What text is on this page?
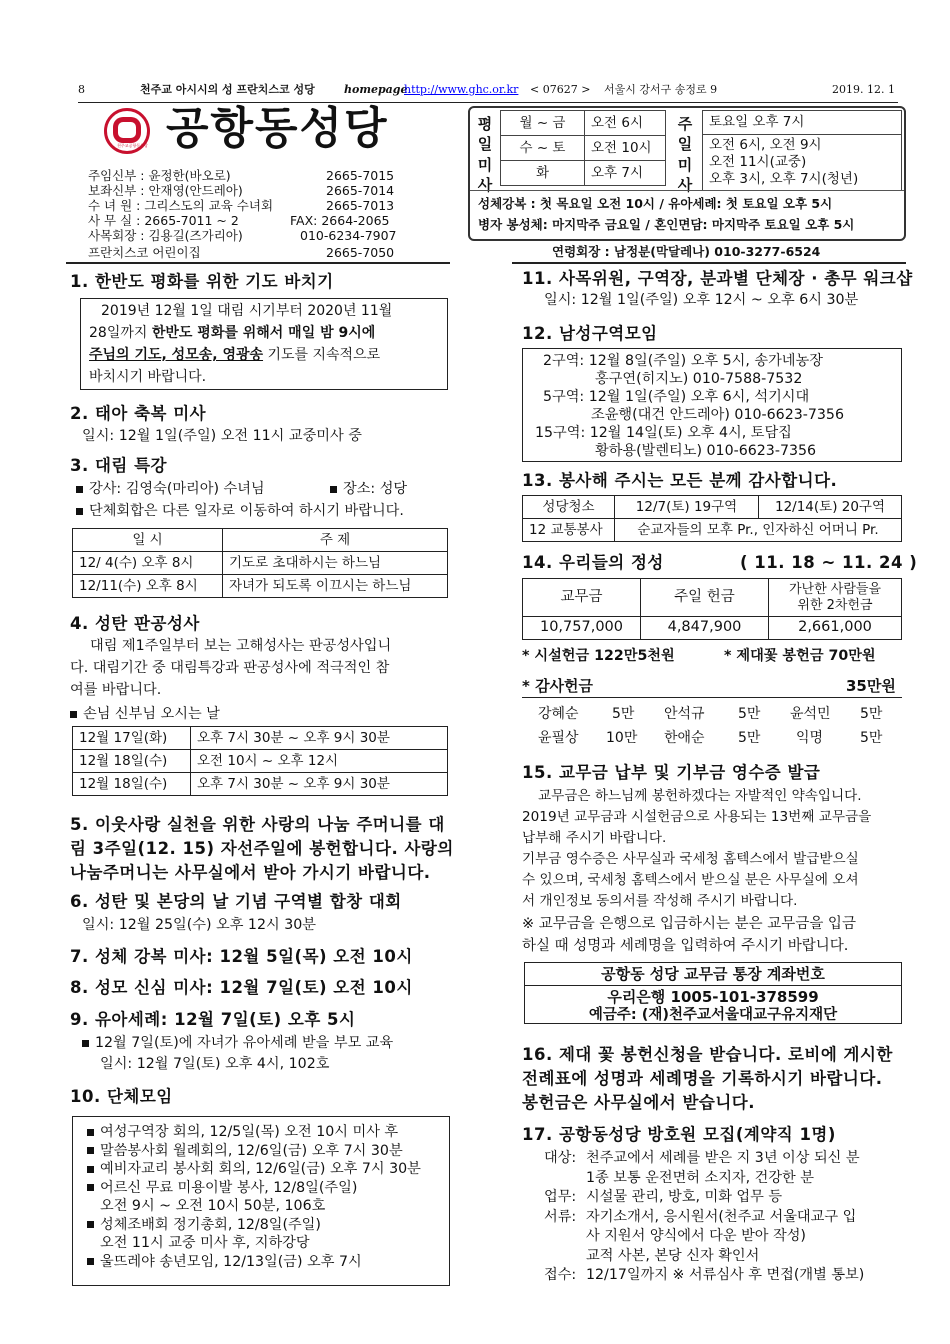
8	천주교 아시시의 성 프란치스코 성당	homepage
http://www.ghc.or.kr < 07627 > 서울시 강서구 송정로 9	2019. 12. 1
천주교공항동성당 공항동성당
주임신부 : 윤정한(바오로)	2665-7015
보좌신부 : 안재영(안드레아)	2665-7014
수 녀 원 : 그리스도의 교육 수녀회	2665-7013
사 무 실 : 2665-7011 ~ 2	FAX: 2664-2065
사목회장 : 김용길(즈가리아)	010-6234-7907
프란치스코 어린이집	2665-7050
평
일
미
사
월 ~ 금	오전 6시
수 ~ 토	오전 10시
화	오후 7시
주
일
미
사
토요일 오후 7시

오전 6시, 오전 9시
오전 11시(교중)
오후 3시, 오후 7시(청년)
성체강복 : 첫 목요일 오전 10시 / 유아세례: 첫 토요일 오후 5시
병자 봉성체: 마지막주 금요일 / 혼인면담: 마지막주 토요일 오후 5시
연령회장 : 남정분(막달레나) 010-3277-6524
1. 한반도 평화를 위한 기도 바치기
2019년 12월 1일 대림 시기부터 2020년 11월
28일까지 한반도 평화를 위해서 매일 밤 9시에
주님의 기도, 성모송, 영광송 기도를 지속적으로
바치시기 바랍니다.
2. 태아 축복 미사
일시: 12월 1일(주일) 오전 11시 교중미사 중
3. 대림 특강
강사: 김영숙(마리아) 수녀님	장소: 성당
단체회합은 다른 일자로 이동하여 하시기 바랍니다.
일 시	주 제
12/ 4(수) 오후 8시	기도로 초대하시는 하느님
12/11(수) 오후 8시	자녀가 되도록 이끄시는 하느님
4. 성탄 판공성사
대림 제1주일부터 보는 고해성사는 판공성사입니
다. 대림기간 중 대림특강과 판공성사에 적극적인 참
여를 바랍니다.
손님 신부님 오시는 날
12월 17일(화)	오후 7시 30분 ~ 오후 9시 30분
12월 18일(수)	오전 10시 ~ 오후 12시
12월 18일(수)	오후 7시 30분 ~ 오후 9시 30분
5. 이웃사랑 실천을 위한 사랑의 나눔 주머니를 대
림 3주일(12. 15) 자선주일에 봉헌합니다. 사랑의
나눔주머니는 사무실에서 받아 가시기 바랍니다.
6. 성탄 및 본당의 날 기념 구역별 합창 대회
일시: 12월 25일(수) 오후 12시 30분
7. 성체 강복 미사: 12월 5일(목) 오전 10시
8. 성모 신심 미사: 12월 7일(토) 오전 10시
9. 유아세례: 12월 7일(토) 오후 5시
12월 7일(토)에 자녀가 유아세례 받을 부모 교육
일시: 12월 7일(토) 오후 4시, 102호
10. 단체모임
여성구역장 회의, 12/5일(목) 오전 10시 미사 후
말씀봉사회 월례회의, 12/6일(금) 오후 7시 30분
예비자교리 봉사회 회의, 12/6일(금) 오후 7시 30분
어르신 무료 미용이발 봉사, 12/8일(주일)
오전 9시 ~ 오전 10시 50분, 106호
성체조배회 정기총회, 12/8일(주일)
오전 11시 교중 미사 후, 지하강당
울뜨레야 송년모임, 12/13일(금) 오후 7시
11. 사목위원, 구역장, 분과별 단체장 · 총무 워크샵
일시: 12월 1일(주일) 오후 12시 ~ 오후 6시 30분
12. 남성구역모임
2구역: 12월 8일(주일) 오후 5시, 송가네농장
홍구연(히지노) 010-7588-7532
5구역: 12월 1일(주일) 오후 6시, 석기시대
조윤행(대건 안드레아) 010-6623-7356
15구역: 12월 14일(토) 오후 4시, 토담집
황하용(발렌티노) 010-6623-7356
13. 봉사해 주시는 모든 분께 감사합니다.
성당청소	12/7(토) 19구역	12/14(토) 20구역
12 교통봉사	순교자들의 모후 Pr., 인자하신 어머니 Pr.	
14. 우리들의 정성	( 11. 18 ~ 11. 24 )
교무금	주일 헌금	가난한 사람들을
위한 2차헌금

10,757,000	4,847,900	2,661,000
* 시설헌금 122만5천원	* 제대꽃 봉헌금 70만원
* 감사헌금	35만원
강혜순 5만 안석규 5만 윤석민 5만
윤필상 10만 한애순 5만	익명	5만
15. 교무금 납부 및 기부금 영수증 발급
교무금은 하느님께 봉헌하겠다는 자발적인 약속입니다.
2019년 교무금과 시설헌금으로 사용되는 13번째 교무금을
납부해 주시기 바랍니다.
기부금 영수증은 사무실과 국세청 홈텍스에서 발급받으실
수 있으며, 국세청 홈텍스에서 받으실 분은 사무실에 오셔
서 개인정보 동의서를 작성해 주시기 바랍니다.
※ 교무금을 은행으로 입금하시는 분은 교무금을 입금
하실 때 성명과 세례명을 입력하여 주시기 바랍니다.
공항동 성당 교무금 통장 계좌번호
우리은행 1005-101-378599
예금주: (재)천주교서울대교구유지재단
16. 제대 꽃 봉헌신청을 받습니다. 로비에 게시한
전례표에 성명과 세례명을 기록하시기 바랍니다.
봉헌금은 사무실에서 받습니다.
17. 공항동성당 방호원 모집(계약직 1명)
대상: 천주교에서 세례를 받은 지 3년 이상 되신 분
1종 보통 운전면허 소지자, 건강한 분
업무: 시설물 관리, 방호, 미화 업무 등
서류: 자기소개서, 응시원서(천주교 서울대교구 입
사 지원서 양식에서 다운 받아 작성)
교적 사본, 본당 신자 확인서
접수: 12/17일까지 ※ 서류심사 후 면접(개별 통보)
